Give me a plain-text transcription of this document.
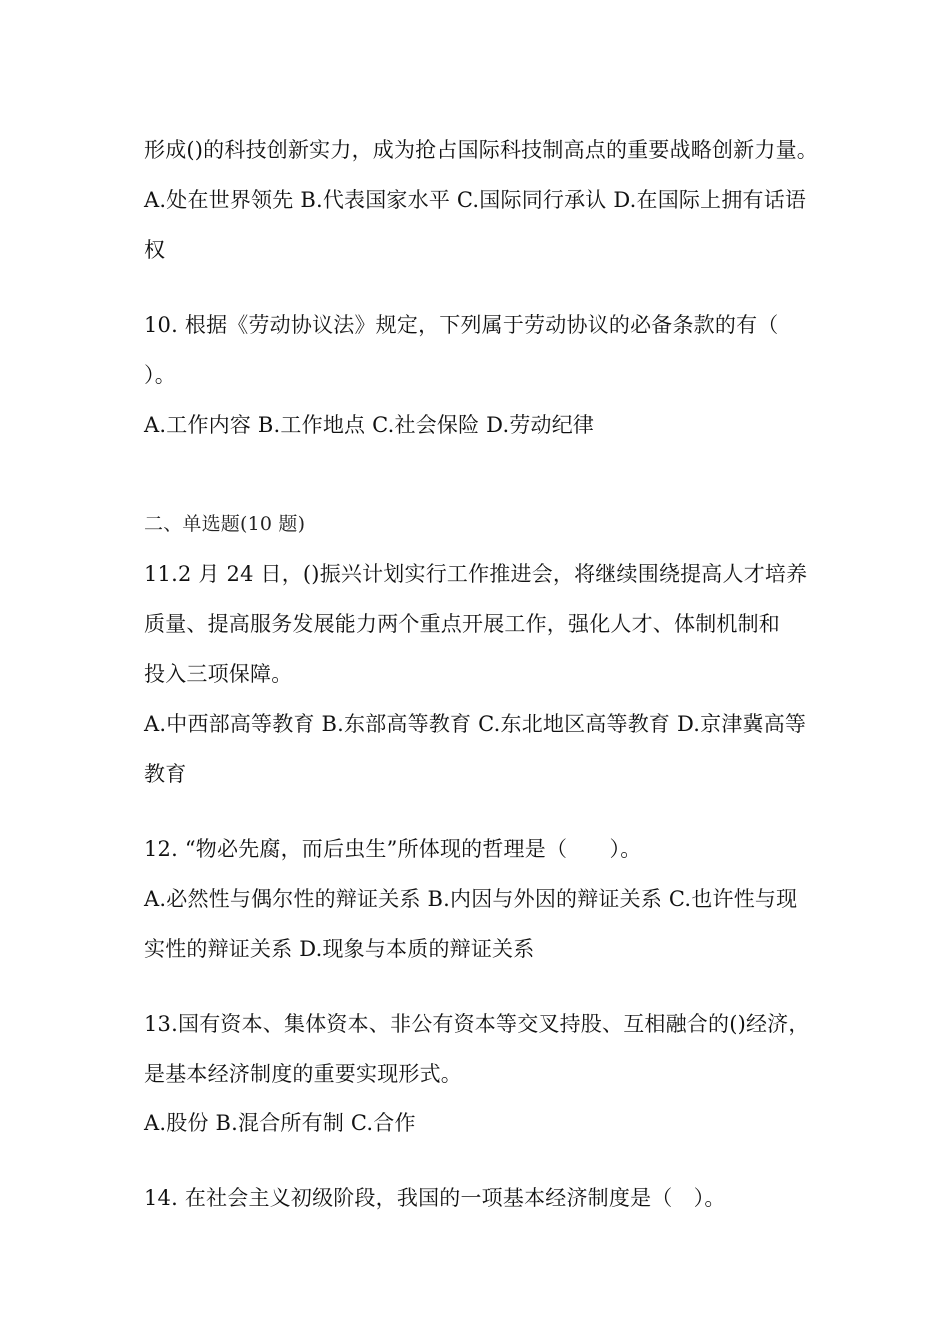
形成()的科技创新实力，成为抢占国际科技制高点的重要战略创新力量。
A.处在世界领先 B.代表国家水平 C.国际同行承认 D.在国际上拥有话语
权
10. 根据《劳动协议法》规定，下列属于劳动协议的必备条款的有（
）。
A.工作内容 B.工作地点 C.社会保险 D.劳动纪律
二、单选题(10 题)
11.2 月 24 日，()振兴计划实行工作推进会，将继续围绕提高人才培养
质量、提高服务发展能力两个重点开展工作，强化人才、体制机制和
投入三项保障。
A.中西部高等教育 B.东部高等教育 C.东北地区高等教育 D.京津冀高等
教育
12. “物必先腐，而后虫生”所体现的哲理是（　　）。
A.必然性与偶尔性的辩证关系 B.内因与外因的辩证关系 C.也许性与现
实性的辩证关系 D.现象与本质的辩证关系
13.国有资本、集体资本、非公有资本等交叉持股、互相融合的()经济，
是基本经济制度的重要实现形式。
A.股份 B.混合所有制 C.合作
14. 在社会主义初级阶段，我国的一项基本经济制度是（　）。
